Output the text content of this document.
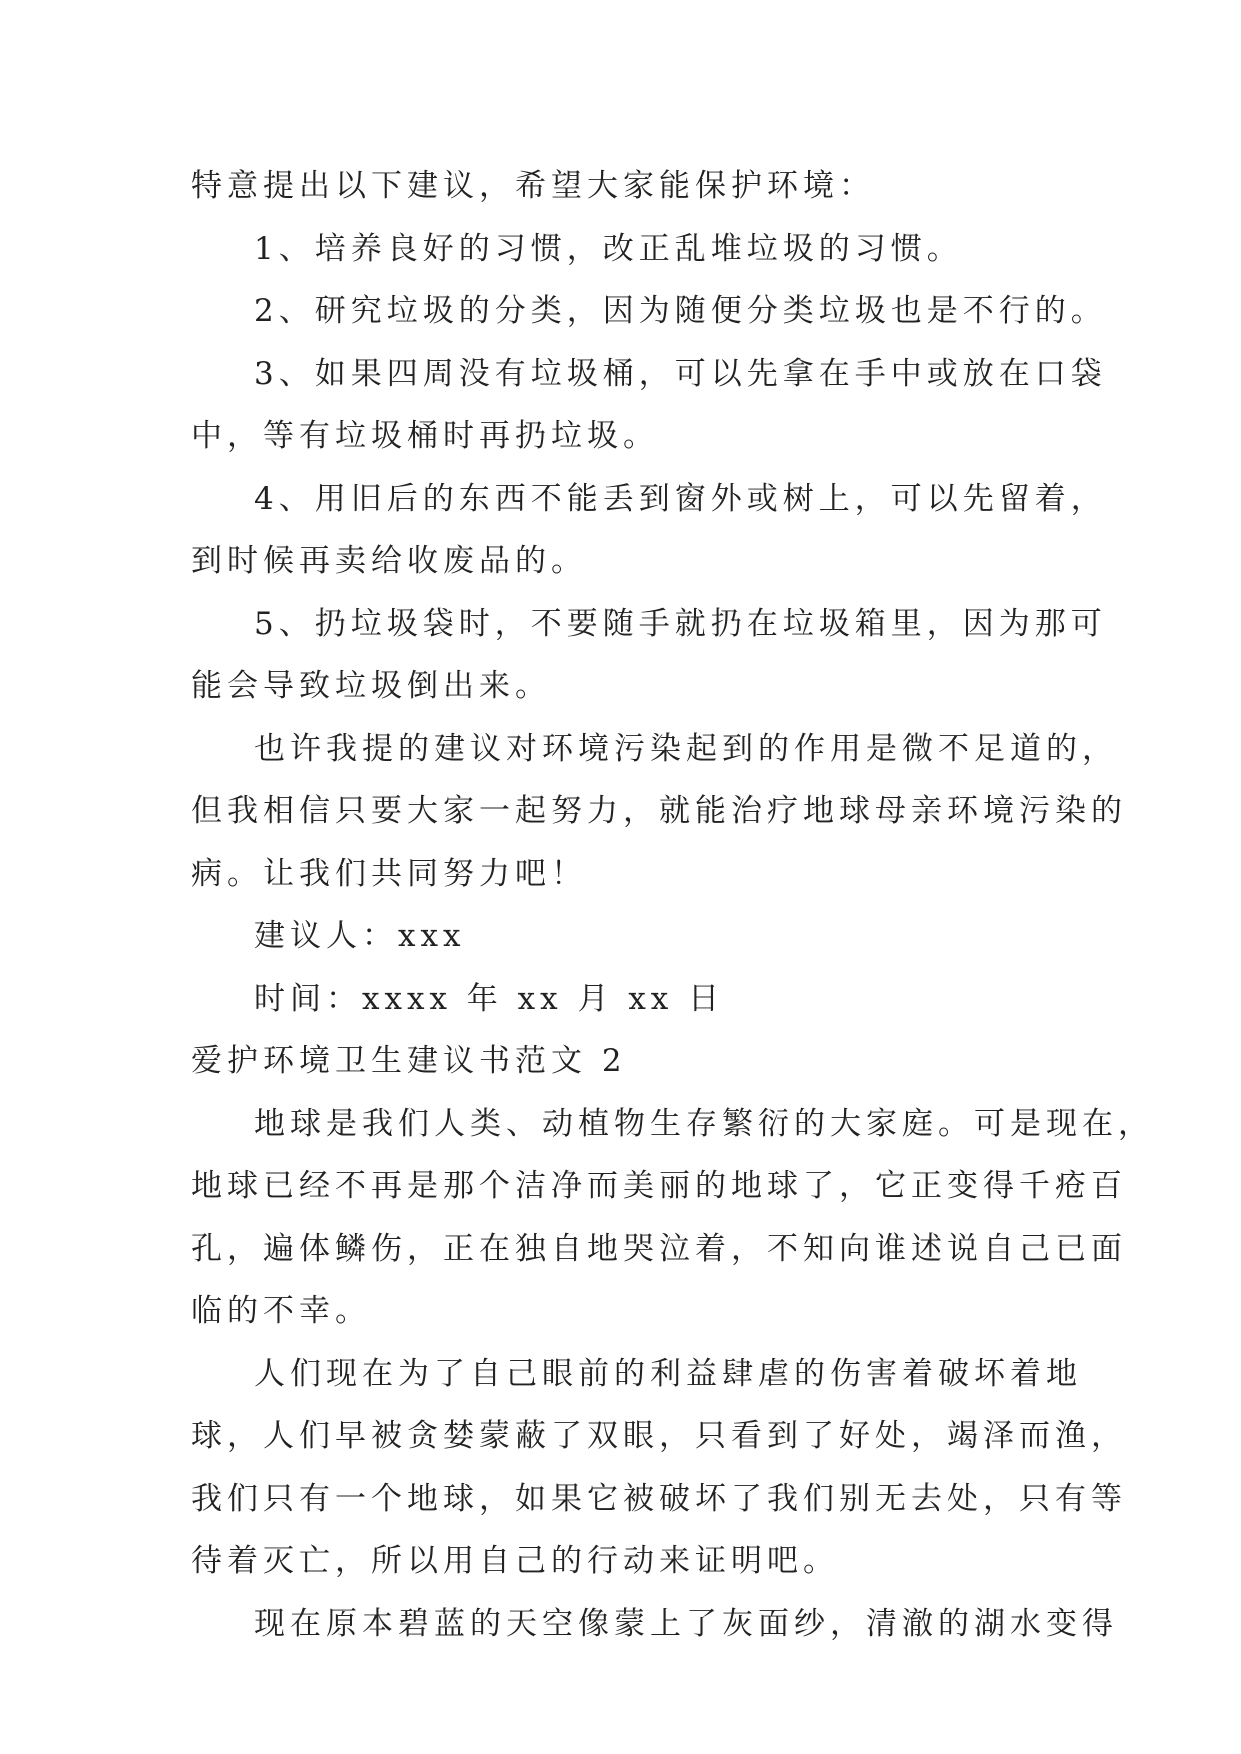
特意提出以下建议，希望大家能保护环境：
1、培养良好的习惯，改正乱堆垃圾的习惯。
2、研究垃圾的分类，因为随便分类垃圾也是不行的。
3、如果四周没有垃圾桶，可以先拿在手中或放在口袋
中，等有垃圾桶时再扔垃圾。
4、用旧后的东西不能丢到窗外或树上，可以先留着，
到时候再卖给收废品的。
5、扔垃圾袋时，不要随手就扔在垃圾箱里，因为那可
能会导致垃圾倒出来。
也许我提的建议对环境污染起到的作用是微不足道的，
但我相信只要大家一起努力，就能治疗地球母亲环境污染的
病。让我们共同努力吧！
建议人：xxx
时间：xxxx 年 xx 月 xx 日
爱护环境卫生建议书范文 2
地球是我们人类、动植物生存繁衍的大家庭。可是现在，
地球已经不再是那个洁净而美丽的地球了，它正变得千疮百
孔，遍体鳞伤，正在独自地哭泣着，不知向谁述说自己已面
临的不幸。
人们现在为了自己眼前的利益肆虐的伤害着破坏着地
球，人们早被贪婪蒙蔽了双眼，只看到了好处，竭泽而渔，
我们只有一个地球，如果它被破坏了我们别无去处，只有等
待着灭亡，所以用自己的行动来证明吧。
现在原本碧蓝的天空像蒙上了灰面纱，清澈的湖水变得
